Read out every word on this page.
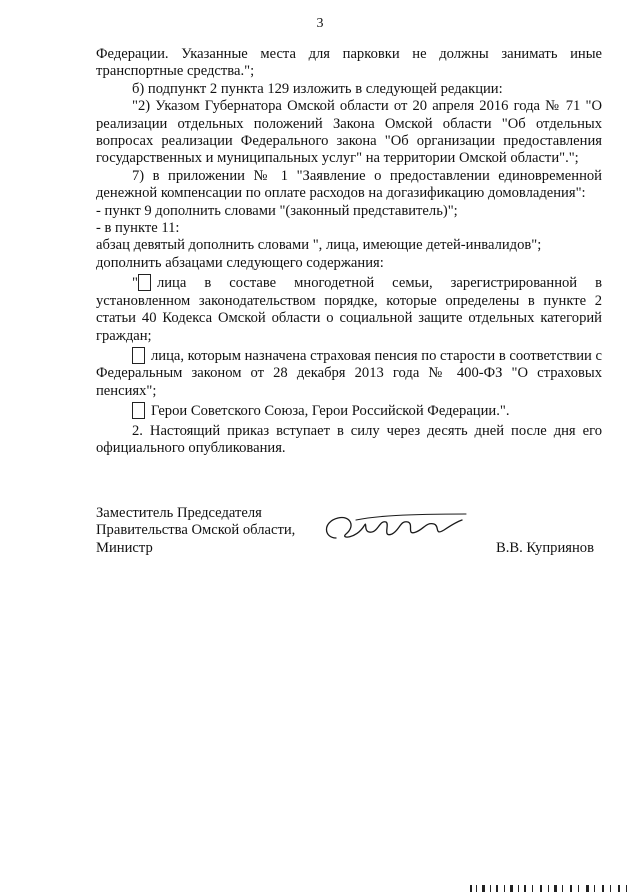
3

Федерации. Указанные места для парковки не должны занимать иные транспортные средства.";

б) подпункт 2 пункта 129 изложить в следующей редакции:

"2) Указом Губернатора Омской области от 20 апреля 2016 года № 71 "О реализации отдельных положений Закона Омской области "Об отдельных вопросах реализации Федерального закона "Об организации предоставления государственных и муниципальных услуг" на территории Омской области".";

7) в приложении № 1 "Заявление о предоставлении единовременной денежной компенсации по оплате расходов на догазификацию домовладения":

- пункт 9 дополнить словами "(законный представитель)";

- в пункте 11:

абзац девятый дополнить словами ", лица, имеющие детей-инвалидов";

дополнить абзацами следующего содержания:

" лица в составе многодетной семьи, зарегистрированной в установленном законодательством порядке, которые определены в пункте 2 статьи 40 Кодекса Омской области о социальной защите отдельных категорий граждан;

лица, которым назначена страховая пенсия по старости в соответствии с Федеральным законом от 28 декабря 2013 года № 400-ФЗ "О страховых пенсиях";

Герои Советского Союза, Герои Российской Федерации.".

2. Настоящий приказ вступает в силу через десять дней после дня его официального опубликования.

Заместитель Председателя
Правительства Омской области,
Министр	В.В. Куприянов
